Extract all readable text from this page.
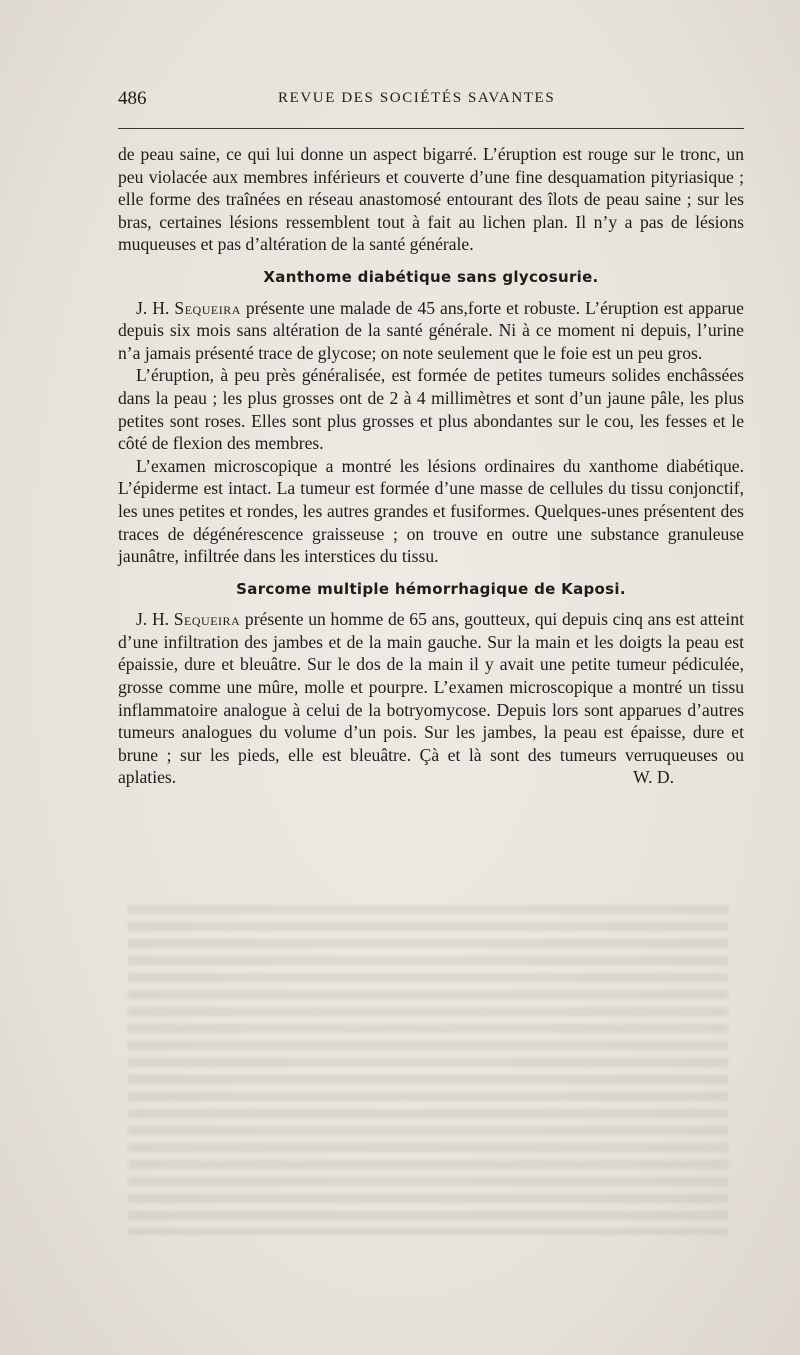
486	REVUE DES SOCIÉTÉS SAVANTES

de peau saine, ce qui lui donne un aspect bigarré. L’éruption est rouge sur le tronc, un peu violacée aux membres inférieurs et couverte d’une fine desquamation pityriasique ; elle forme des traînées en réseau anastomosé entourant des îlots de peau saine ; sur les bras, certaines lésions ressemblent tout à fait au lichen plan. Il n’y a pas de lésions muqueuses et pas d’altération de la santé générale.

Xanthome diabétique sans glycosurie.

J. H. Sequeira présente une malade de 45 ans,forte et robuste. L’éruption est apparue depuis six mois sans altération de la santé générale. Ni à ce moment ni depuis, l’urine n’a jamais présenté trace de glycose; on note seulement que le foie est un peu gros.

L’éruption, à peu près généralisée, est formée de petites tumeurs solides enchâssées dans la peau ; les plus grosses ont de 2 à 4 millimètres et sont d’un jaune pâle, les plus petites sont roses. Elles sont plus grosses et plus abondantes sur le cou, les fesses et le côté de flexion des membres.

L’examen microscopique a montré les lésions ordinaires du xanthome diabétique. L’épiderme est intact. La tumeur est formée d’une masse de cellules du tissu conjonctif, les unes petites et rondes, les autres grandes et fusiformes. Quelques-unes présentent des traces de dégénérescence graisseuse ; on trouve en outre une substance granuleuse jaunâtre, infiltrée dans les interstices du tissu.

Sarcome multiple hémorrhagique de Kaposi.

J. H. Sequeira présente un homme de 65 ans, goutteux, qui depuis cinq ans est atteint d’une infiltration des jambes et de la main gauche. Sur la main et les doigts la peau est épaissie, dure et bleuâtre. Sur le dos de la main il y avait une petite tumeur pédiculée, grosse comme une mûre, molle et pourpre. L’examen microscopique a montré un tissu inflammatoire analogue à celui de la botryomycose. Depuis lors sont apparues d’autres tumeurs analogues du volume d’un pois. Sur les jambes, la peau est épaisse, dure et brune ; sur les pieds, elle est bleuâtre. Çà et là sont des tumeurs verruqueuses ou aplaties.	W. D.
